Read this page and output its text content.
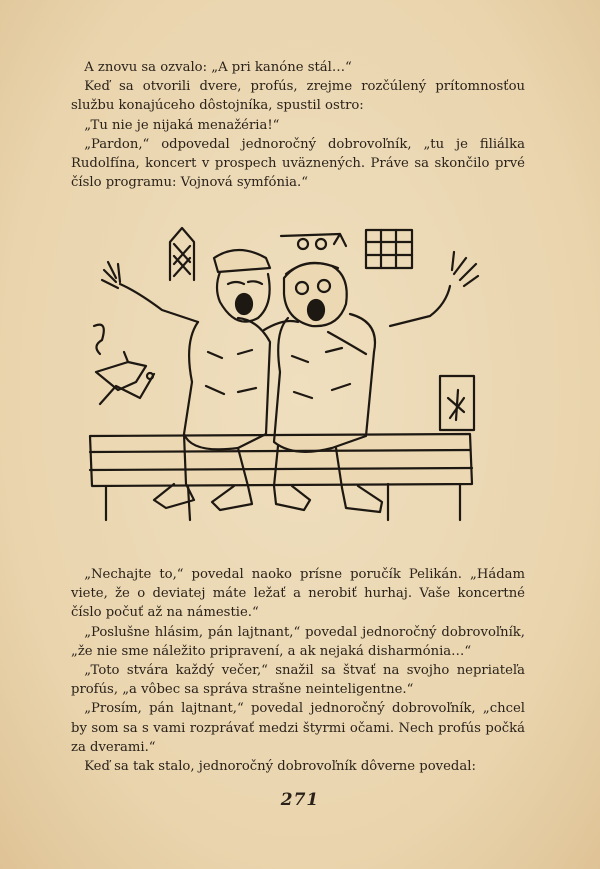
A znovu sa ozvalo: „A pri kanóne stál…“

Keď sa otvorili dvere, profús, zrejme rozčúlený prítomnosťou službu konajúceho dôstojníka, spustil ostro:

„Tu nie je nijaká menažéria!“

„Pardon,“ odpovedal jednoročný dobrovoľník, „tu je filiálka Rudolfína, koncert v prospech uväznených. Práve sa skončilo prvé číslo programu: Vojnová symfónia.“

„Nechajte to,“ povedal naoko prísne poručík Pelikán. „Hádam viete, že o deviatej máte ležať a nerobiť hurhaj. Vaše koncertné číslo počuť až na námestie.“

„Poslušne hlásim, pán lajtnant,“ povedal jednoročný dobrovoľník, „že nie sme náležito pripravení, a ak nejaká disharmónia…“

„Toto stvára každý večer,“ snažil sa štvať na svojho nepriateľa profús, „a vôbec sa správa strašne neinteligentne.“

„Prosím, pán lajtnant,“ povedal jednoročný dobrovoľník, „chcel by som sa s vami rozprávať medzi štyrmi očami. Nech profús počká za dverami.“

Keď sa tak stalo, jednoročný dobrovoľník dôverne povedal:

271
